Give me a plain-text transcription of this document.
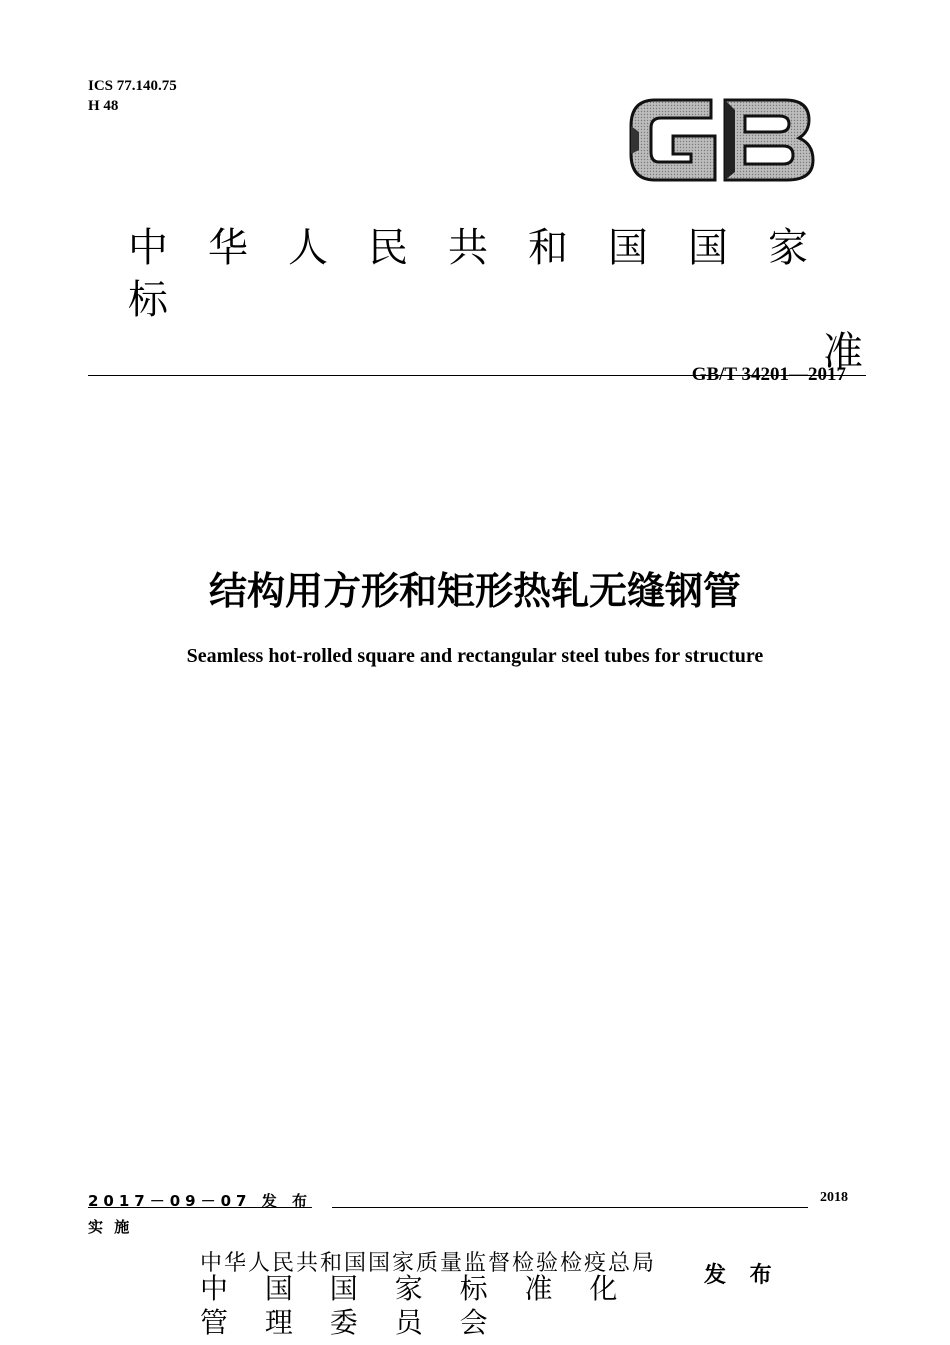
ICS 77.140.75
H 48
中华人民共和国国家标
准
GB/T 34201—2017
结构用方形和矩形热轧无缝钢管
Seamless hot-rolled square and rectangular steel tubes for structure
2017－09－07 发 布	2018
实 施
中华人民共和国国家质量监督检验检疫总局
中 国 国 家 标 准 化 管 理 委 员 会
发 布
